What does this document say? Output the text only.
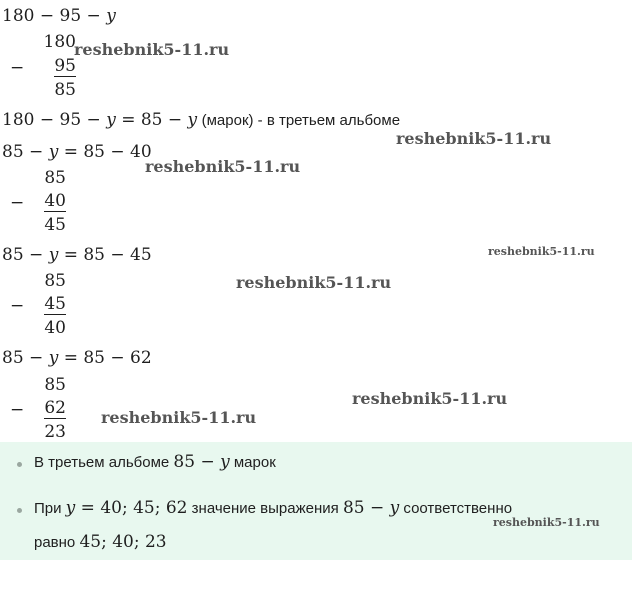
180 − 95 − y
180
−	95
85
180 − 95 − y = 85 − y (марок) - в третьем альбоме
85 − y = 85 − 40
85
−	40
45
85 − y = 85 − 45
85
−	45
40
85 − y = 85 − 62
85
−	62
23
В третьем альбоме 85 − y марок
При y = 40; 45; 62 значение выражения 85 − y соответственно
равно 45; 40; 23
reshebnik5-11.ru
reshebnik5-11.ru
reshebnik5-11.ru
reshebnik5-11.ru
reshebnik5-11.ru
reshebnik5-11.ru
reshebnik5-11.ru
reshebnik5-11.ru
